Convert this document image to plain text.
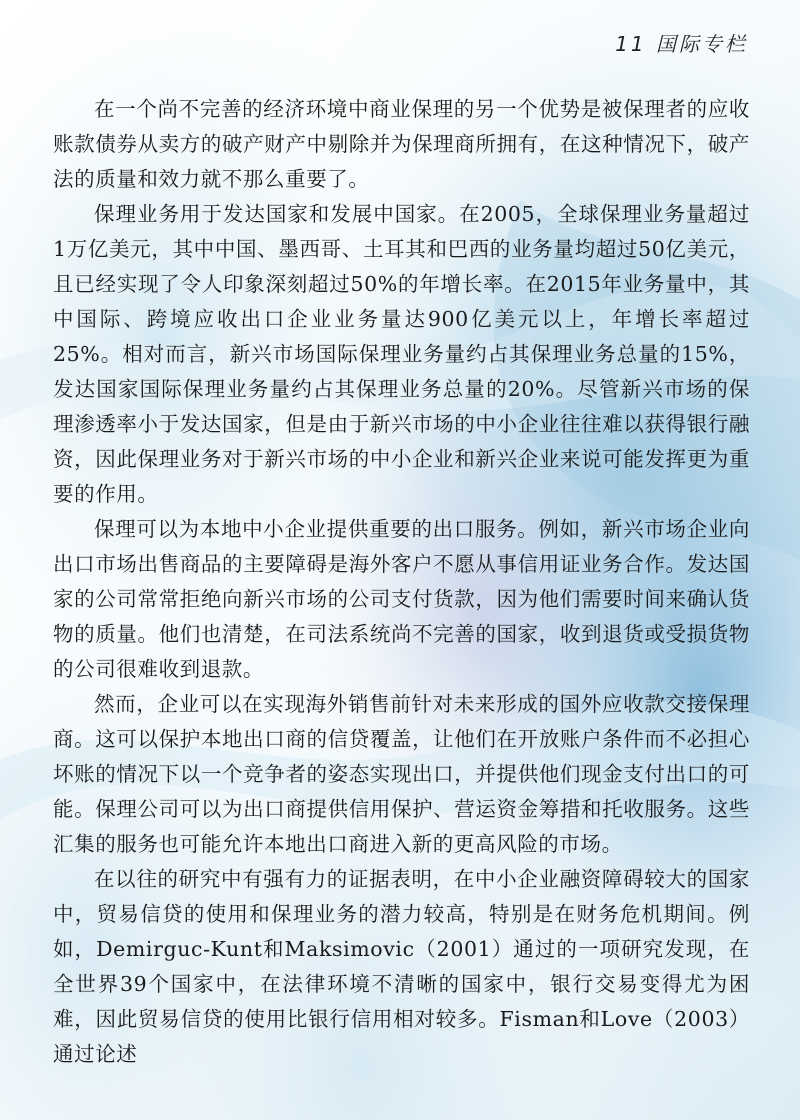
11 国际专栏

在一个尚不完善的经济环境中商业保理的另一个优势是被保理者的应收账款债券从卖方的破产财产中剔除并为保理商所拥有，在这种情况下，破产法的质量和效力就不那么重要了。

保理业务用于发达国家和发展中国家。在2005，全球保理业务量超过1万亿美元，其中中国、墨西哥、土耳其和巴西的业务量均超过50亿美元，且已经实现了令人印象深刻超过50%的年增长率。在2015年业务量中，其中国际、跨境应收出口企业业务量达900亿美元以上，年增长率超过25%。相对而言，新兴市场国际保理业务量约占其保理业务总量的15%，发达国家国际保理业务量约占其保理业务总量的20%。尽管新兴市场的保理渗透率小于发达国家，但是由于新兴市场的中小企业往往难以获得银行融资，因此保理业务对于新兴市场的中小企业和新兴企业来说可能发挥更为重要的作用。

保理可以为本地中小企业提供重要的出口服务。例如，新兴市场企业向出口市场出售商品的主要障碍是海外客户不愿从事信用证业务合作。发达国家的公司常常拒绝向新兴市场的公司支付货款，因为他们需要时间来确认货物的质量。他们也清楚，在司法系统尚不完善的国家，收到退货或受损货物的公司很难收到退款。

然而，企业可以在实现海外销售前针对未来形成的国外应收款交接保理商。这可以保护本地出口商的信贷覆盖，让他们在开放账户条件而不必担心坏账的情况下以一个竞争者的姿态实现出口，并提供他们现金支付出口的可能。保理公司可以为出口商提供信用保护、营运资金筹措和托收服务。这些汇集的服务也可能允许本地出口商进入新的更高风险的市场。

在以往的研究中有强有力的证据表明，在中小企业融资障碍较大的国家中，贸易信贷的使用和保理业务的潜力较高，特别是在财务危机期间。例如，Demirguc-Kunt和Maksimovic（2001）通过的一项研究发现，在全世界39个国家中，在法律环境不清晰的国家中，银行交易变得尤为困难，因此贸易信贷的使用比银行信用相对较多。Fisman和Love（2003）通过论述
